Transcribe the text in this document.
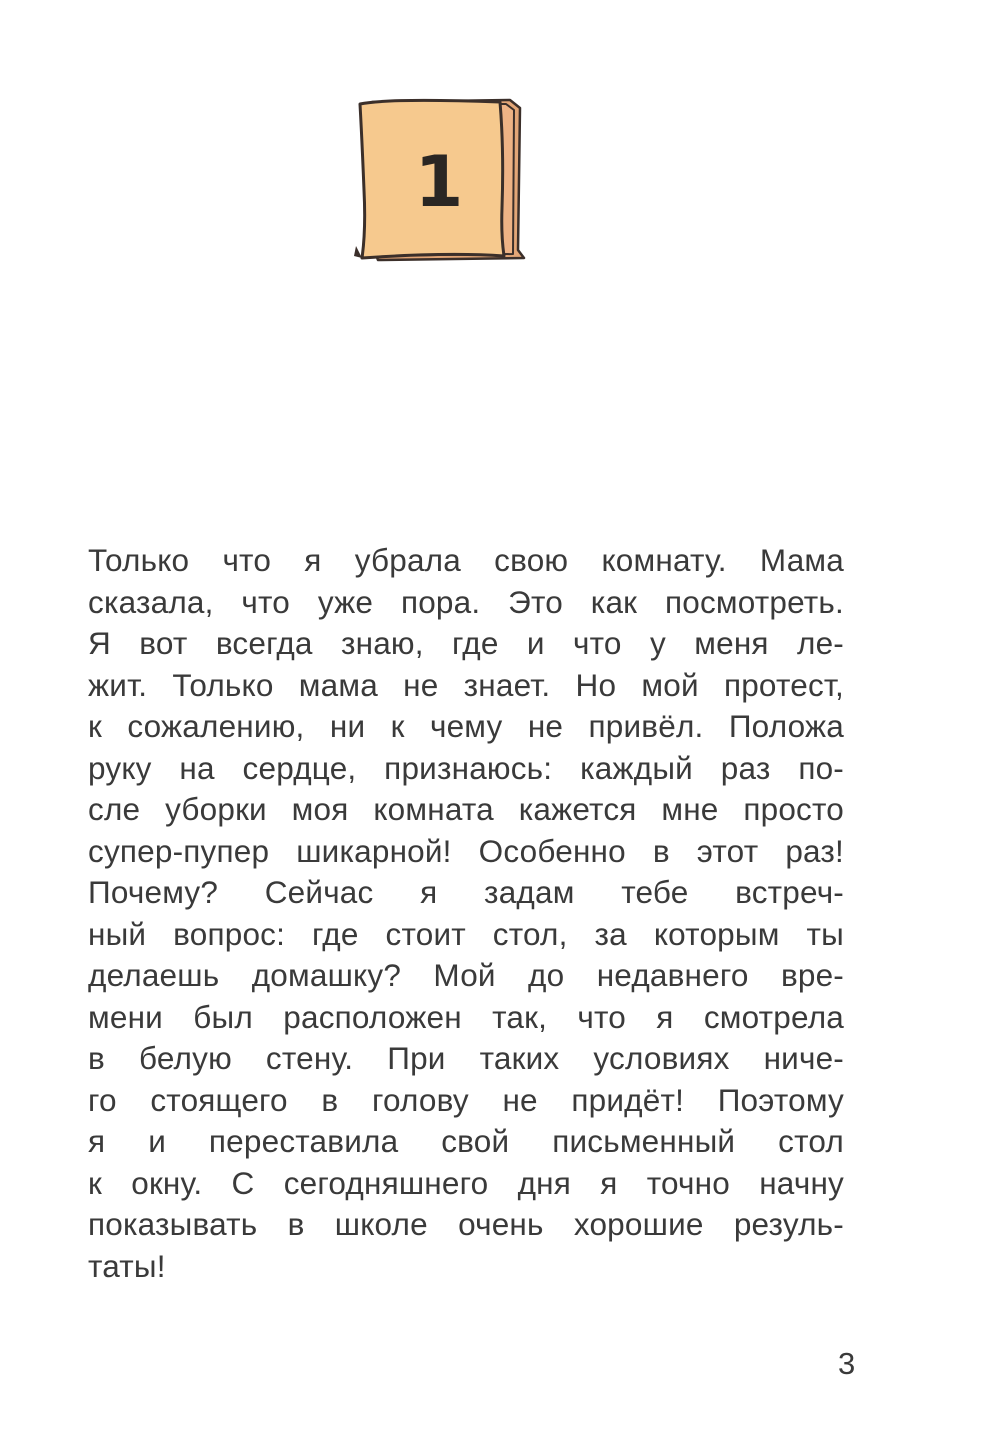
1
Только что я убрала свою комнату. Мама
сказала, что уже пора. Это как посмотреть.
Я вот всегда знаю, где и что у меня ле-
жит. Только мама не знает. Но мой протест,
к сожалению, ни к чему не привёл. Положа
руку на сердце, признаюсь: каждый раз по-
сле уборки моя комната кажется мне просто
супер-пупер шикарной! Особенно в этот раз!
Почему? Сейчас я задам тебе встреч-
ный вопрос: где стоит стол, за которым ты
делаешь домашку? Мой до недавнего вре-
мени был расположен так, что я смотрела
в белую стену. При таких условиях ниче-
го стоящего в голову не придёт! Поэтому
я и переставила свой письменный стол
к окну. С сегодняшнего дня я точно начну
показывать в школе очень хорошие резуль-
таты!
3
